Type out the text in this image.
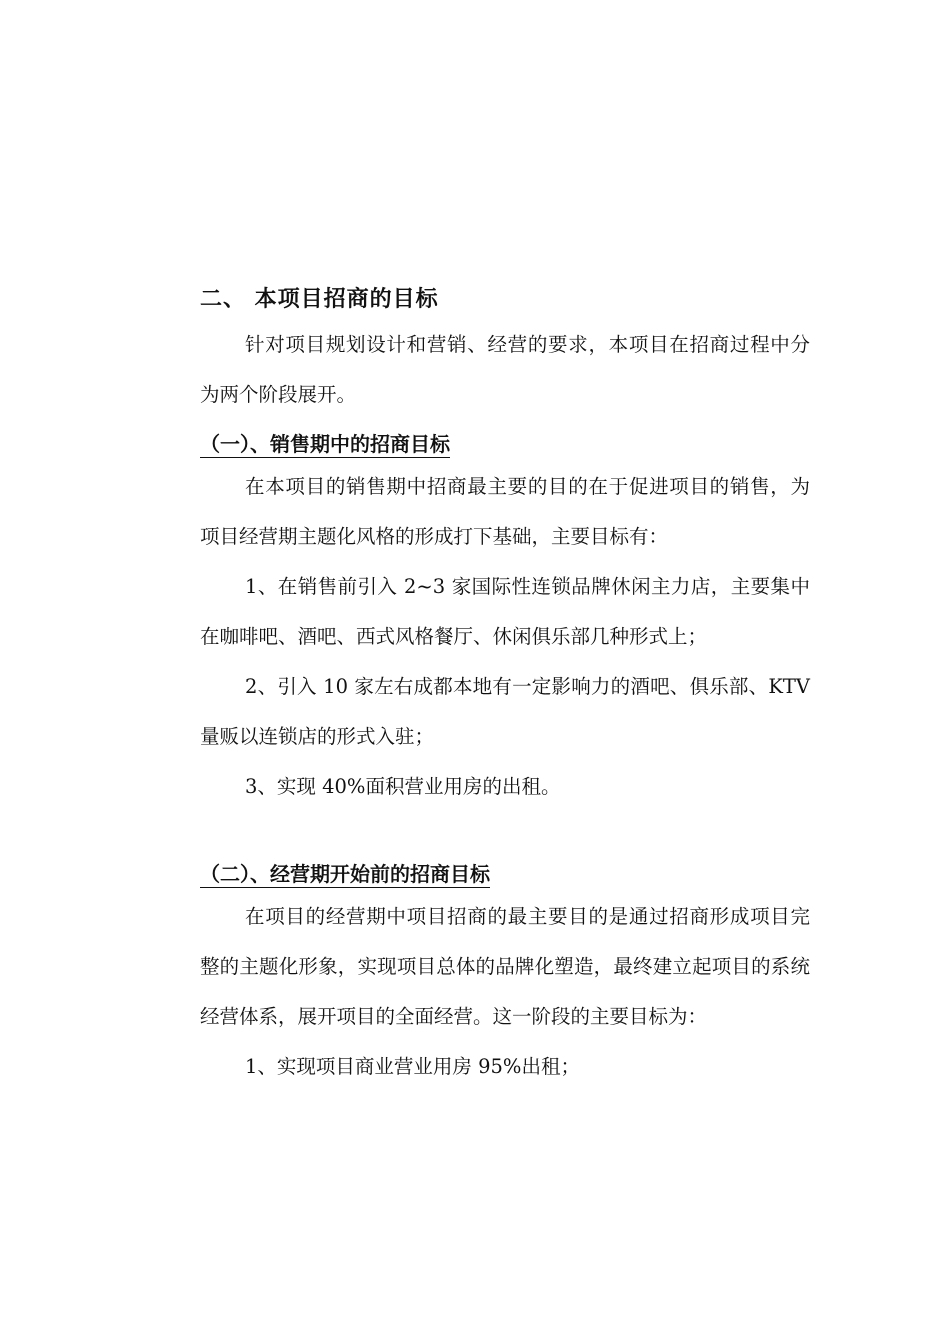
二、 本项目招商的目标

针对项目规划设计和营销、经营的要求，本项目在招商过程中分为两个阶段展开。

（一）、销售期中的招商目标

在本项目的销售期中招商最主要的目的在于促进项目的销售，为项目经营期主题化风格的形成打下基础，主要目标有：

1、在销售前引入 2~3 家国际性连锁品牌休闲主力店，主要集中在咖啡吧、酒吧、西式风格餐厅、休闲俱乐部几种形式上；

2、引入 10 家左右成都本地有一定影响力的酒吧、俱乐部、KTV 量贩以连锁店的形式入驻；

3、实现 40%面积营业用房的出租。

（二）、经营期开始前的招商目标

在项目的经营期中项目招商的最主要目的是通过招商形成项目完整的主题化形象，实现项目总体的品牌化塑造，最终建立起项目的系统经营体系，展开项目的全面经营。这一阶段的主要目标为：

1、实现项目商业营业用房 95%出租；
